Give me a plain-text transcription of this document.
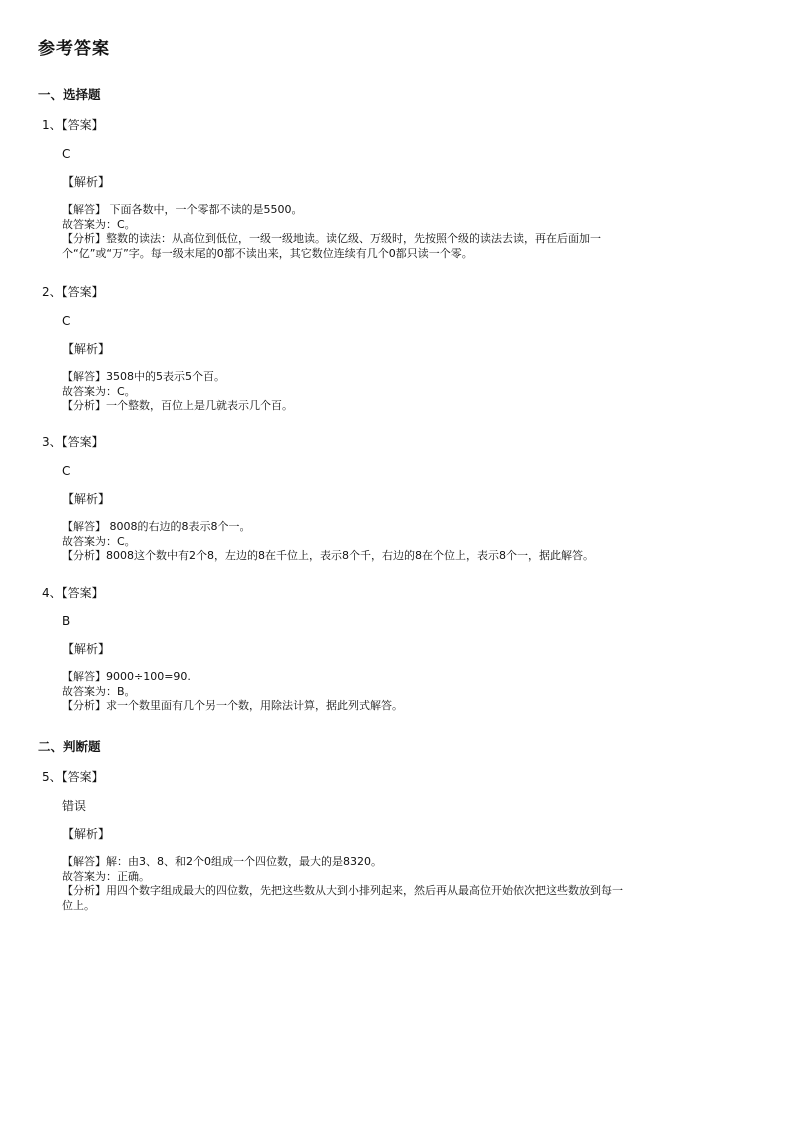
参考答案
一、选择题
1、【答案】
C
【解析】
【解答】 下面各数中，一个零都不读的是5500。
故答案为：C。
【分析】整数的读法：从高位到低位，一级一级地读。读亿级、万级时，先按照个级的读法去读，再在后面加一
个“亿”或“万”字。每一级末尾的0都不读出来，其它数位连续有几个0都只读一个零。
2、【答案】
C
【解析】
【解答】3508中的5表示5个百。
故答案为：C。
【分析】一个整数，百位上是几就表示几个百。
3、【答案】
C
【解析】
【解答】 8008的右边的8表示8个一。
故答案为：C。
【分析】8008这个数中有2个8，左边的8在千位上，表示8个千，右边的8在个位上，表示8个一，据此解答。
4、【答案】
B
【解析】
【解答】9000÷100=90.
故答案为：B。
【分析】求一个数里面有几个另一个数，用除法计算，据此列式解答。
二、判断题
5、【答案】
错误
【解析】
【解答】解：由3、8、和2个0组成一个四位数，最大的是8320。
故答案为：正确。
【分析】用四个数字组成最大的四位数，先把这些数从大到小排列起来，然后再从最高位开始依次把这些数放到每一
位上。
